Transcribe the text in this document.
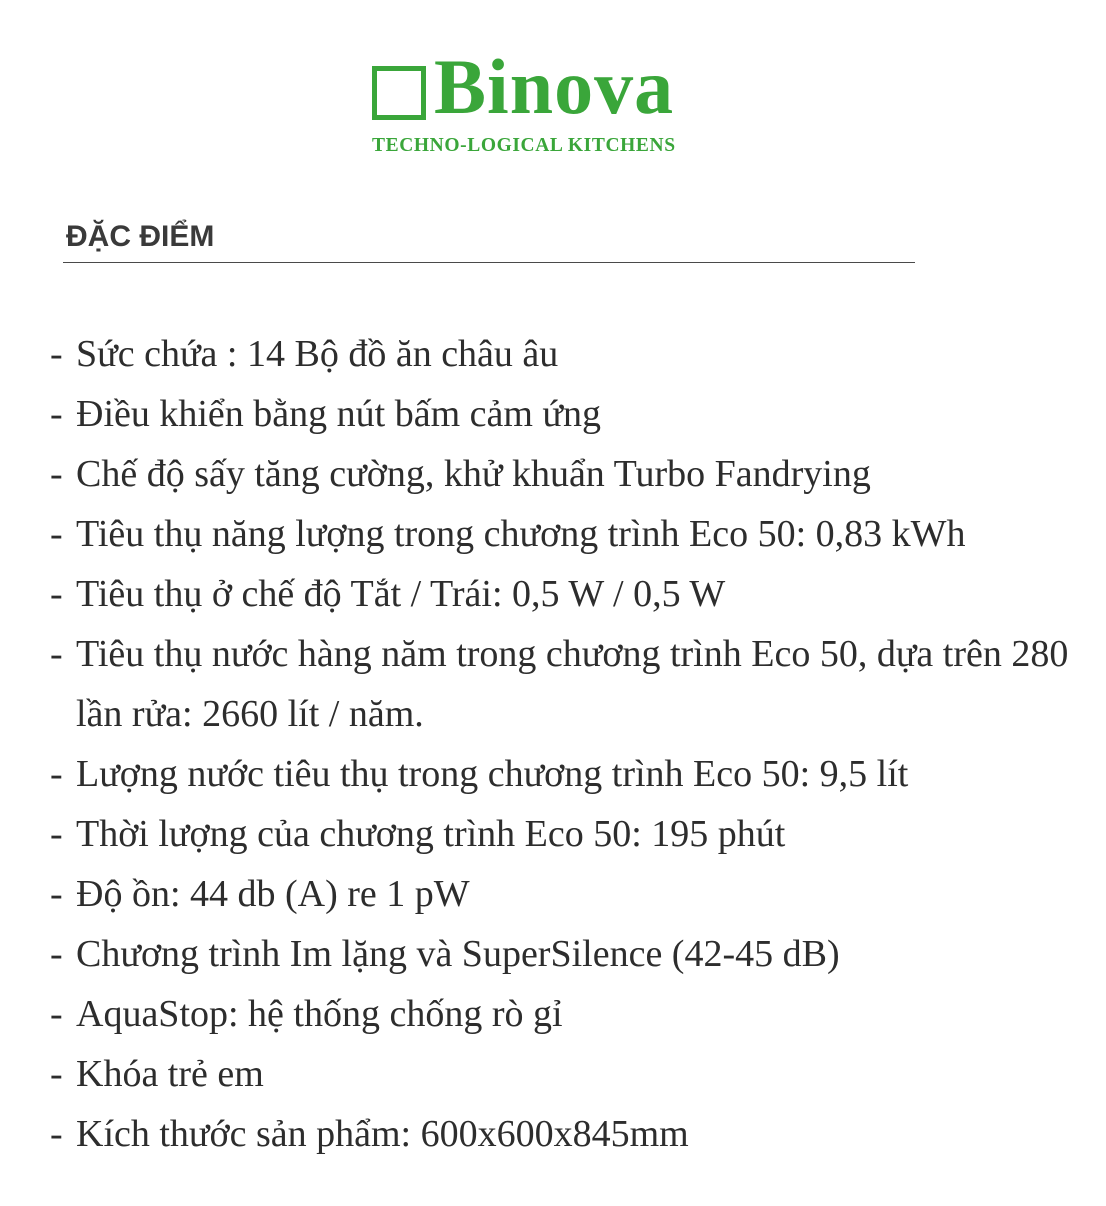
Binova
TECHNO-LOGICAL KITCHENS
ĐẶC ĐIỂM
- Sức chứa : 14 Bộ đồ ăn châu âu
- Điều khiển bằng nút bấm cảm ứng
- Chế độ sấy tăng cường, khử khuẩn Turbo Fandrying
- Tiêu thụ năng lượng trong chương trình Eco 50: 0,83 kWh
- Tiêu thụ ở chế độ Tắt / Trái: 0,5 W / 0,5 W
- Tiêu thụ nước hàng năm trong chương trình Eco 50, dựa trên 280 lần rửa: 2660 lít / năm.
- Lượng nước tiêu thụ trong chương trình Eco 50: 9,5 lít
- Thời lượng của chương trình Eco 50: 195 phút
- Độ ồn: 44 db (A) re 1 pW
- Chương trình Im lặng và SuperSilence (42-45 dB)
- AquaStop: hệ thống chống rò gỉ
- Khóa trẻ em
- Kích thước sản phẩm: 600x600x845mm
